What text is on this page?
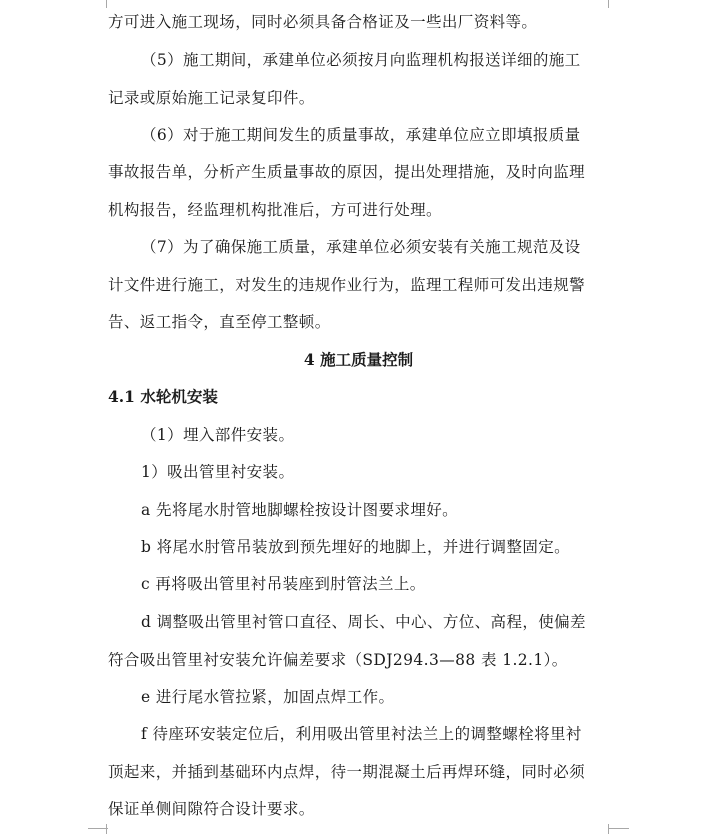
方可进入施工现场，同时必须具备合格证及一些出厂资料等。
（5）施工期间，承建单位必须按月向监理机构报送详细的施工
记录或原始施工记录复印件。
（6）对于施工期间发生的质量事故，承建单位应立即填报质量
事故报告单，分析产生质量事故的原因，提出处理措施，及时向监理
机构报告，经监理机构批准后，方可进行处理。
（7）为了确保施工质量，承建单位必须安装有关施工规范及设
计文件进行施工，对发生的违规作业行为，监理工程师可发出违规警
告、返工指令，直至停工整顿。
4 施工质量控制
4.1 水轮机安装
（1）埋入部件安装。
1）吸出管里衬安装。
a 先将尾水肘管地脚螺栓按设计图要求埋好。
b 将尾水肘管吊装放到预先埋好的地脚上，并进行调整固定。
c 再将吸出管里衬吊装座到肘管法兰上。
d 调整吸出管里衬管口直径、周长、中心、方位、高程，使偏差
符合吸出管里衬安装允许偏差要求（SDJ294.3—88 表 1.2.1）。
e 进行尾水管拉紧，加固点焊工作。
f 待座环安装定位后，利用吸出管里衬法兰上的调整螺栓将里衬
顶起来，并插到基础环内点焊，待一期混凝土后再焊环缝，同时必须
保证单侧间隙符合设计要求。
